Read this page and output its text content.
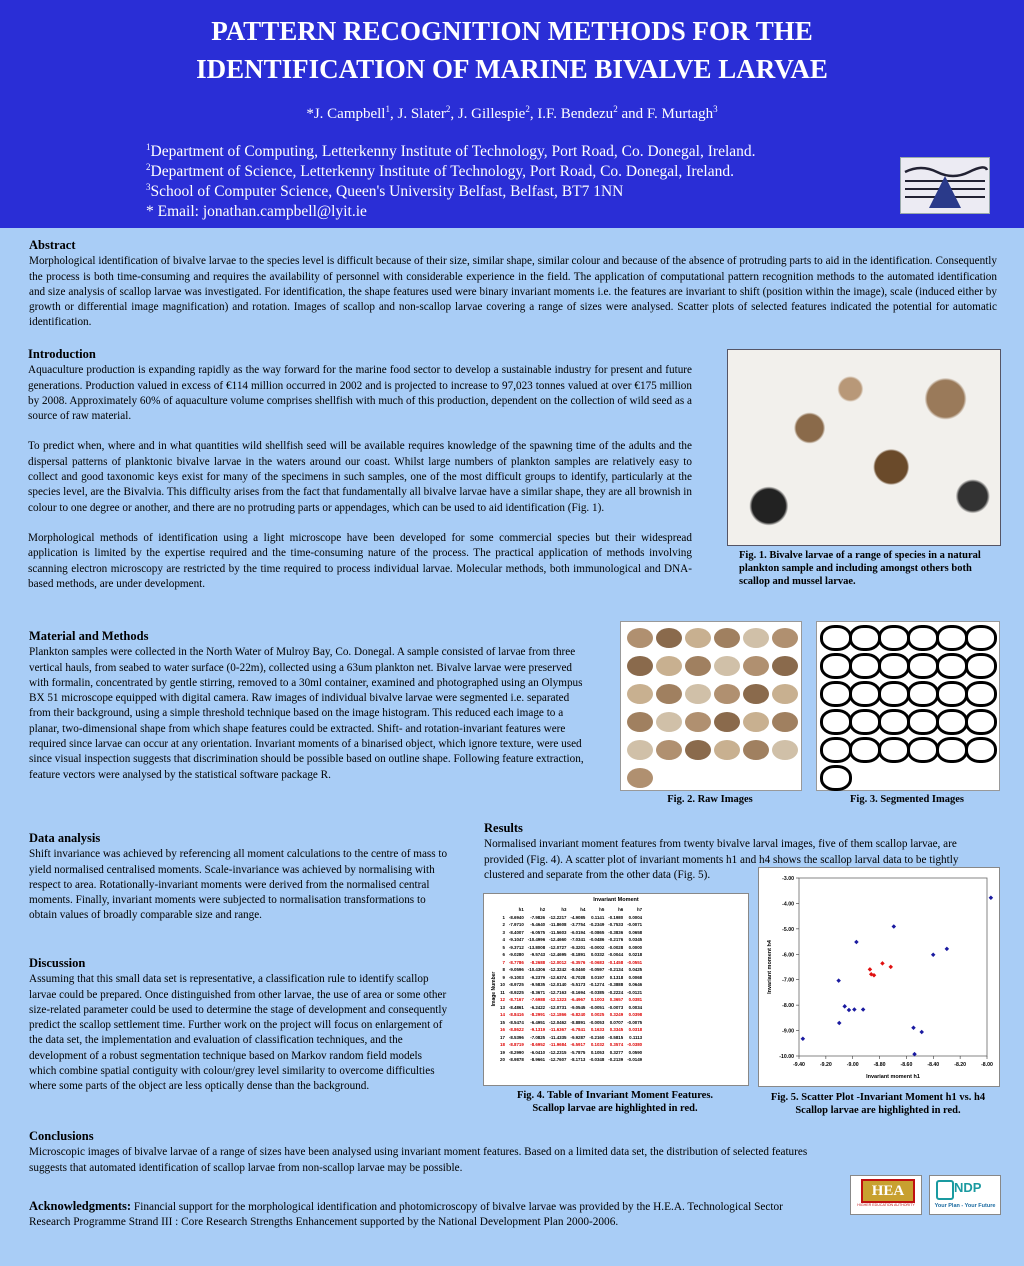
PATTERN RECOGNITION METHODS FOR THE
IDENTIFICATION OF MARINE BIVALVE LARVAE
*J. Campbell$^1$, J. Slater$^2$, J. Gillespie$^2$, I.F. Bendezu$^2$ and F. Murtagh$^3$
$^1$Department of Computing, Letterkenny Institute of Technology, Port Road, Co. Donegal, Ireland.
$^2$Department of Science, Letterkenny Institute of Technology, Port Road, Co. Donegal, Ireland.
$^3$School of Computer Science, Queen's University Belfast, Belfast, BT7 1NN
* Email: jonathan.campbell@lyit.ie
Abstract

Morphological identification of bivalve larvae to the species level is difficult because of their size, similar shape, similar colour and because of the absence of protruding parts to aid in the identification. Consequently the process is both time-consuming and requires the availability of personnel with considerable experience in the field. The application of computational pattern recognition methods to the automated identification and size analysis of scallop larvae was investigated. For identification, the shape features used were binary invariant moments i.e. the features are invariant to shift (position within the image), scale (induced either by growth or differential image magnification) and rotation. Images of scallop and non-scallop larvae covering a range of sizes were analysed. Scatter plots of selected features indicated the potential for automatic identification.

Introduction

Aquaculture production is expanding rapidly as the way forward for the marine food sector to develop a sustainable industry for present and future generations. Production valued in excess of €114 million occurred in 2002 and is projected to increase to 97,023 tonnes valued at over €175 million by 2008. Approximately 60% of aquaculture volume comprises shellfish with much of this production, dependent on the collection of wild seed as a source of raw material.

To predict when, where and in what quantities wild shellfish seed will be available requires knowledge of the spawning time of the adults and the dispersal patterns of planktonic bivalve larvae in the waters around our coast. Whilst large numbers of plankton samples are relatively easy to collect and good taxonomic keys exist for many of the specimens in such samples, one of the most difficult groups to identify, particularly at the species level, are the Bivalvia. This difficulty arises from the fact that fundamentally all bivalve larvae have a similar shape, they are all brownish in colour to one degree or another, and there are no protruding parts or appendages, which can be used to aid identification (Fig. 1).

Morphological methods of identification using a light microscope have been developed for some commercial species but their widespread application is limited by the expertise required and the time-consuming nature of the process. The practical application of methods involving scanning electron microscopy are restricted by the time required to process individual larvae. Molecular methods, both immunological and DNA-based methods, are under development.

Fig. 1. Bivalve larvae of a range of species in a natural plankton sample and including amongst others both scallop and mussel larvae.
Material and Methods

Plankton samples were collected in the North Water of Mulroy Bay, Co. Donegal. A sample consisted of larvae from three vertical hauls, from seabed to water surface (0-22m), collected using a 63um plankton net. Bivalve larvae were preserved with formalin, concentrated by gentle stirring, removed to a 30ml container, examined and photographed using an Olympus BX 51 microscope equipped with digital camera. Raw images of individual bivalve larvae were segmented i.e. separated from their background, using a simple threshold technique based on the image histogram. This reduced each image to a planar, two-dimensional shape from which shape features could be extracted. Shift- and rotation-invariant features were required since larvae can occur at any orientation. Invariant moments of a binarised object, which ignore texture, were used since visual inspection suggests that discrimination should be possible based on outline shape. Following feature extraction, feature vectors were analysed by the statistical software package R.

Fig. 2. Raw Images	Fig. 3. Segmented Images
Data analysis

Shift invariance was achieved by referencing all moment calculations to the centre of mass to yield normalised centralised moments. Scale-invariance was achieved by normalising with respect to area. Rotationally-invariant moments were derived from the normalised central moments. Finally, invariant moments were subjected to normalisation transformations to obtain values of broadly comparable size and range.

Results

Normalised invariant moment features from twenty bivalve larval images, five of them scallop larvae, are provided (Fig. 4). A scatter plot of invariant moments h1 and h4 shows the scallop larval data to be tightly clustered and separate from the other data (Fig. 5).

Discussion

Assuming that this small data set is representative, a classification rule to identify scallop larvae could be prepared. Once distinguished from other larvae, the use of area or some other size-related parameter could be used to determine the stage of development and consequently predict the scallop settlement time. Further work on the project will focus on enlargement of the data set, the implementation and evaluation of classification techniques, and the development of a robust segmentation technique based on Markov random field models which combine spatial contiguity with colour/grey level similarity to overcome difficulties where some parts of the object are less optically dense than the background.

Invariant Moment
Image Number
	h1	h2	h3	h4	h5	h6	h7
1	-8.6940	-7.9826	-12.2217	-4.9085	0.1141	-0.1980	0.0004
2	-7.9710	-5.4640	-11.8608	-3.7754	-0.2349	-0.7533	-0.0071
3	-8.4007	-6.0575	-11.5603	-6.0194	-0.0865	-0.3836	0.0658
4	-9.1047	-10.4996	-12.4660	-7.0341	-0.0486	-0.2176	0.0345
5	-9.3712	-13.8008	-12.0727	-9.3201	-0.0002	-0.0028	0.0000
6	-9.0280	-9.5743	-12.4695	-8.1891	0.0332	-0.0044	0.0218
7	-8.7786	-8.2688	-12.0012	-6.3576	-0.0683	-0.1458	-0.0551
8	-9.0596	-10.4306	-12.3242	-8.0460	-0.0597	-0.2134	0.0425
9	-9.1003	-9.2379	-12.6374	-8.7028	0.0197	0.1318	0.0068
10	-8.9725	-9.5835	-12.0140	-5.5173	-0.1274	-0.3888	0.0646
11	-8.9225	-8.3671	-12.7163	-8.1694	-0.0385	-0.2224	-0.0121
12	-8.7167	-7.6988	-12.1323	-6.4967	0.1003	0.3657	0.0381
13	-8.4861	-6.2422	-12.0731	-9.0545	-0.0051	-0.0073	0.0034
14	-8.8416	-8.2991	-12.1866	-6.8240	0.0025	0.3249	0.0398
15	-8.5474	-6.4951	-12.0462	-8.8891	-0.0053	0.0707	-0.0075
16	-8.8622	-9.1319	-11.6367	-6.7841	0.1633	0.3345	0.0318
17	-8.5396	-7.0825	-11.4335	-9.9287	-0.2160	-0.5815	0.1113
18	-8.8719	-8.6952	-11.9684	-6.5917	0.1032	0.3574	-0.0380
19	-8.2990	-6.0410	-12.2315	-5.7875	0.1053	0.3277	0.0590
20	-8.9878	-8.9661	-12.7607	-8.1713	-0.0348	-0.2139	-0.0149
Fig. 4. Table of Invariant Moment Features.
Scallop larvae are highlighted in red.
-3.00
-4.00
-5.00
-6.00
-7.00
-8.00
-9.00
-10.00
-9.40	-9.20	-9.00	-8.80	-8.60	-8.40	-8.20	-8.00
Invariant moment h1
Invariant moment h4
Fig. 5. Scatter Plot -Invariant Moment h1 vs. h4
Scallop larvae are highlighted in red.
Conclusions

Microscopic images of bivalve larvae of a range of sizes have been analysed using invariant moment features. Based on a limited data set, the distribution of selected features suggests that automated identification of scallop larvae from non-scallop larvae may be possible.

Acknowledgments: Financial support for the morphological identification and photomicroscopy of bivalve larvae was provided by the H.E.A. Technological Sector Research Programme Strand III : Core Research Strengths Enhancement supported by the National Development Plan 2000-2006.
HEA
HIGHER EDUCATION AUTHORITY
NDP
Your Plan - Your Future
